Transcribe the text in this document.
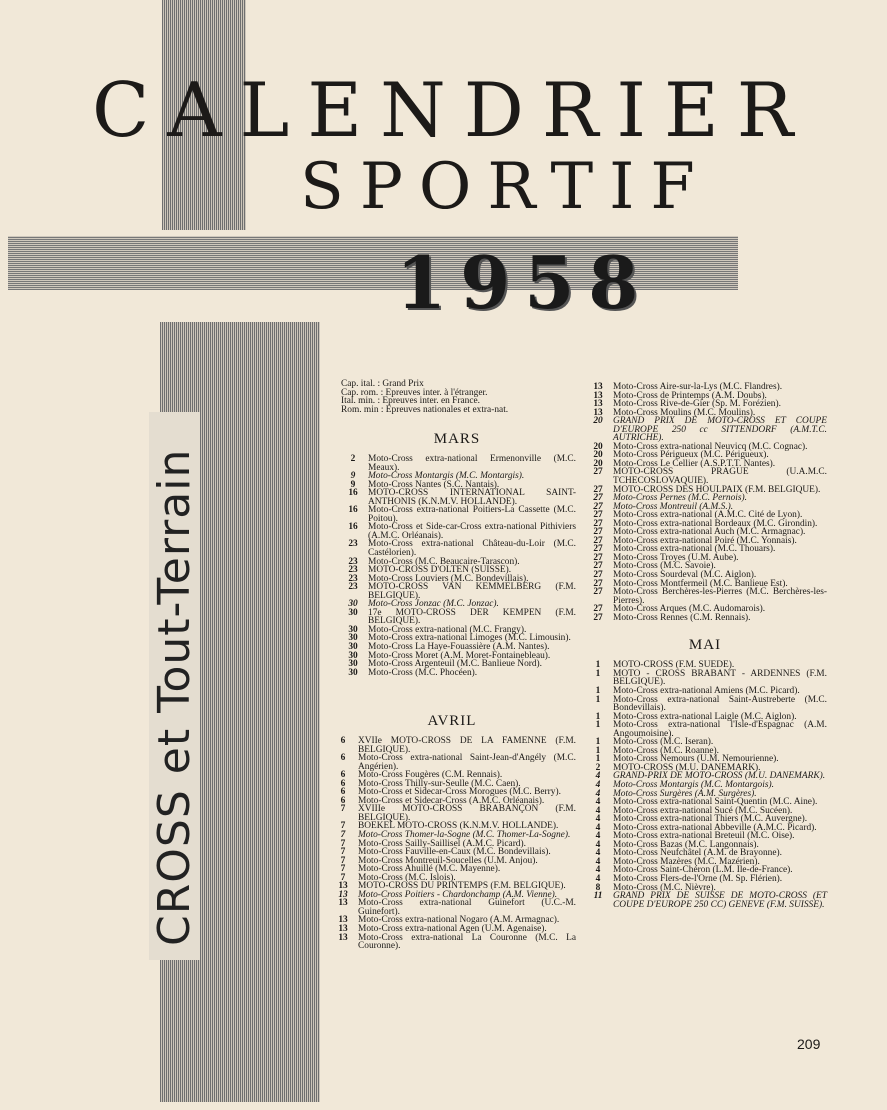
CALENDRIER
SPORTIF
1958
CROSS et Tout-Terrain
Cap. ital. : Grand Prix
Cap. rom. : Epreuves inter. à l'étranger.
Ital. min. : Epreuves inter. en France.
Rom. min : Epreuves nationales et extra-nat.
MARS
2	Moto-Cross extra-national Ermenonville (M.C. Meaux).
9	Moto-Cross Montargis (M.C. Montargis).
9	Moto-Cross Nantes (S.C. Nantais).
16	MOTO-CROSS INTERNATIONAL SAINT-ANTHONIS (K.N.M.V. HOLLANDE).
16	Moto-Cross extra-national Poitiers-La Cassette (M.C. Poitou).
16	Moto-Cross et Side-car-Cross extra-national Pithiviers (A.M.C. Orléanais).
23	Moto-Cross extra-national Château-du-Loir (M.C. Castélorien).
23	Moto-Cross (M.C. Beaucaire-Tarascon).
23	MOTO-CROSS D'OLTEN (SUISSE).
23	Moto-Cross Louviers (M.C. Bondevillais).
23	MOTO-CROSS VAN KEMMELBERG (F.M. BELGIQUE).
30	Moto-Cross Jonzac (M.C. Jonzac).
30	17e MOTO-CROSS DER KEMPEN (F.M. BELGIQUE).
30	Moto-Cross extra-national (M.C. Frangy).
30	Moto-Cross extra-national Limoges (M.C. Limousin).
30	Moto-Cross La Haye-Fouassière (A.M. Nantes).
30	Moto-Cross Moret (A.M. Moret-Fontainebleau).
30	Moto-Cross Argenteuil (M.C. Banlieue Nord).
30	Moto-Cross (M.C. Phocéen).
AVRIL
6	XVIIe MOTO-CROSS DE LA FAMENNE (F.M. BELGIQUE).
6	Moto-Cross extra-national Saint-Jean-d'Angély (M.C. Angérien).
6	Moto-Cross Fougères (C.M. Rennais).
6	Moto-Cross Thilly-sur-Seulle (M.C. Caen).
6	Moto-Cross et Sidecar-Cross Morogues (M.C. Berry).
6	Moto-Cross et Sidecar-Cross (A.M.C. Orléanais).
7	XVIIIe MOTO-CROSS BRABANÇON (F.M. BELGIQUE).
7	BOEKEL MOTO-CROSS (K.N.M.V. HOLLANDE).
7	Moto-Cross Thomer-la-Sogne (M.C. Thomer-La-Sogne).
7	Moto-Cross Sailly-Saillisel (A.M.C. Picard).
7	Moto-Cross Fauville-en-Caux (M.C. Bondevillais).
7	Moto-Cross Montreuil-Soucelles (U.M. Anjou).
7	Moto-Cross Ahuillé (M.C. Mayenne).
7	Moto-Cross (M.C. Islois).
13	MOTO-CROSS DU PRINTEMPS (F.M. BELGIQUE).
13	Moto-Cross Poitiers - Chardonchamp (A.M. Vienne).
13	Moto-Cross extra-national Guinefort (U.C.-M. Guinefort).
13	Moto-Cross extra-national Nogaro (A.M. Armagnac).
13	Moto-Cross extra-national Agen (U.M. Agenaise).
13	Moto-Cross extra-national La Couronne (M.C. La Couronne).
13	Moto-Cross Aire-sur-la-Lys (M.C. Flandres).
13	Moto-Cross de Printemps (A.M. Doubs).
13	Moto-Cross Rive-de-Gier (Sp. M. Forézien).
13	Moto-Cross Moulins (M.C. Moulins).
20	GRAND PRIX DE MOTO-CROSS ET COUPE D'EUROPE 250 cc SITTENDORF (A.M.T.C. AUTRICHE).
20	Moto-Cross extra-national Neuvicq (M.C. Cognac).
20	Moto-Cross Périgueux (M.C. Périgueux).
20	Moto-Cross Le Cellier (A.S.P.T.T. Nantes).
27	MOTO-CROSS PRAGUE (U.A.M.C. TCHECOSLOVAQUIE).
27	MOTO-CROSS DES HOULPAIX (F.M. BELGIQUE).
27	Moto-Cross Pernes (M.C. Pernois).
27	Moto-Cross Montreuil (A.M.S.).
27	Moto-Cross extra-national (A.M.C. Cité de Lyon).
27	Moto-Cross extra-national Bordeaux (M.C. Girondin).
27	Moto-Cross extra-national Auch (M.C. Armagnac).
27	Moto-Cross extra-national Poiré (M.C. Yonnais).
27	Moto-Cross extra-national (M.C. Thouars).
27	Moto-Cross Troyes (U.M. Aube).
27	Moto-Cross (M.C. Savoie).
27	Moto-Cross Sourdeval (M.C. Aiglon).
27	Moto-Cross Montfermeil (M.C. Banlieue Est).
27	Moto-Cross Berchères-les-Pierres (M.C. Berchères-les-Pierres).
27	Moto-Cross Arques (M.C. Audomarois).
27	Moto-Cross Rennes (C.M. Rennais).
MAI
1	MOTO-CROSS (F.M. SUEDE).
1	MOTO - CROSS BRABANT - ARDENNES (F.M. BELGIQUE).
1	Moto-Cross extra-national Amiens (M.C. Picard).
1	Moto-Cross extra-national Saint-Austreberte (M.C. Bondevillais).
1	Moto-Cross extra-national Laigle (M.C. Aiglon).
1	Moto-Cross extra-national l'Isle-d'Espagnac (A.M. Angoumoisine).
1	Moto-Cross (M.C. Iseran).
1	Moto-Cross (M.C. Roanne).
1	Moto-Cross Nemours (U.M. Nemourienne).
2	MOTO-CROSS (M.U. DANEMARK).
4	GRAND-PRIX DE MOTO-CROSS (M.U. DANEMARK).
4	Moto-Cross Montargis (M.C. Montargois).
4	Moto-Cross Surgères (A.M. Surgères).
4	Moto-Cross extra-national Saint-Quentin (M.C. Aine).
4	Moto-Cross extra-national Sucé (M.C. Sucéen).
4	Moto-Cross extra-national Thiers (M.C. Auvergne).
4	Moto-Cross extra-national Abbeville (A.M.C. Picard).
4	Moto-Cross extra-national Breteuil (M.C. Oise).
4	Moto-Cross Bazas (M.C. Langonnais).
4	Moto-Cross Neufchâtel (A.M. de Brayonne).
4	Moto-Cross Mazères (M.C. Mazérien).
4	Moto-Cross Saint-Chéron (L.M. Ile-de-France).
4	Moto-Cross Flers-de-l'Orne (M. Sp. Flérien).
8	Moto-Cross (M.C. Nièvre).
11	GRAND PRIX DE SUISSE DE MOTO-CROSS (ET COUPE D'EUROPE 250 CC) GENEVE (F.M. SUISSE).
209
